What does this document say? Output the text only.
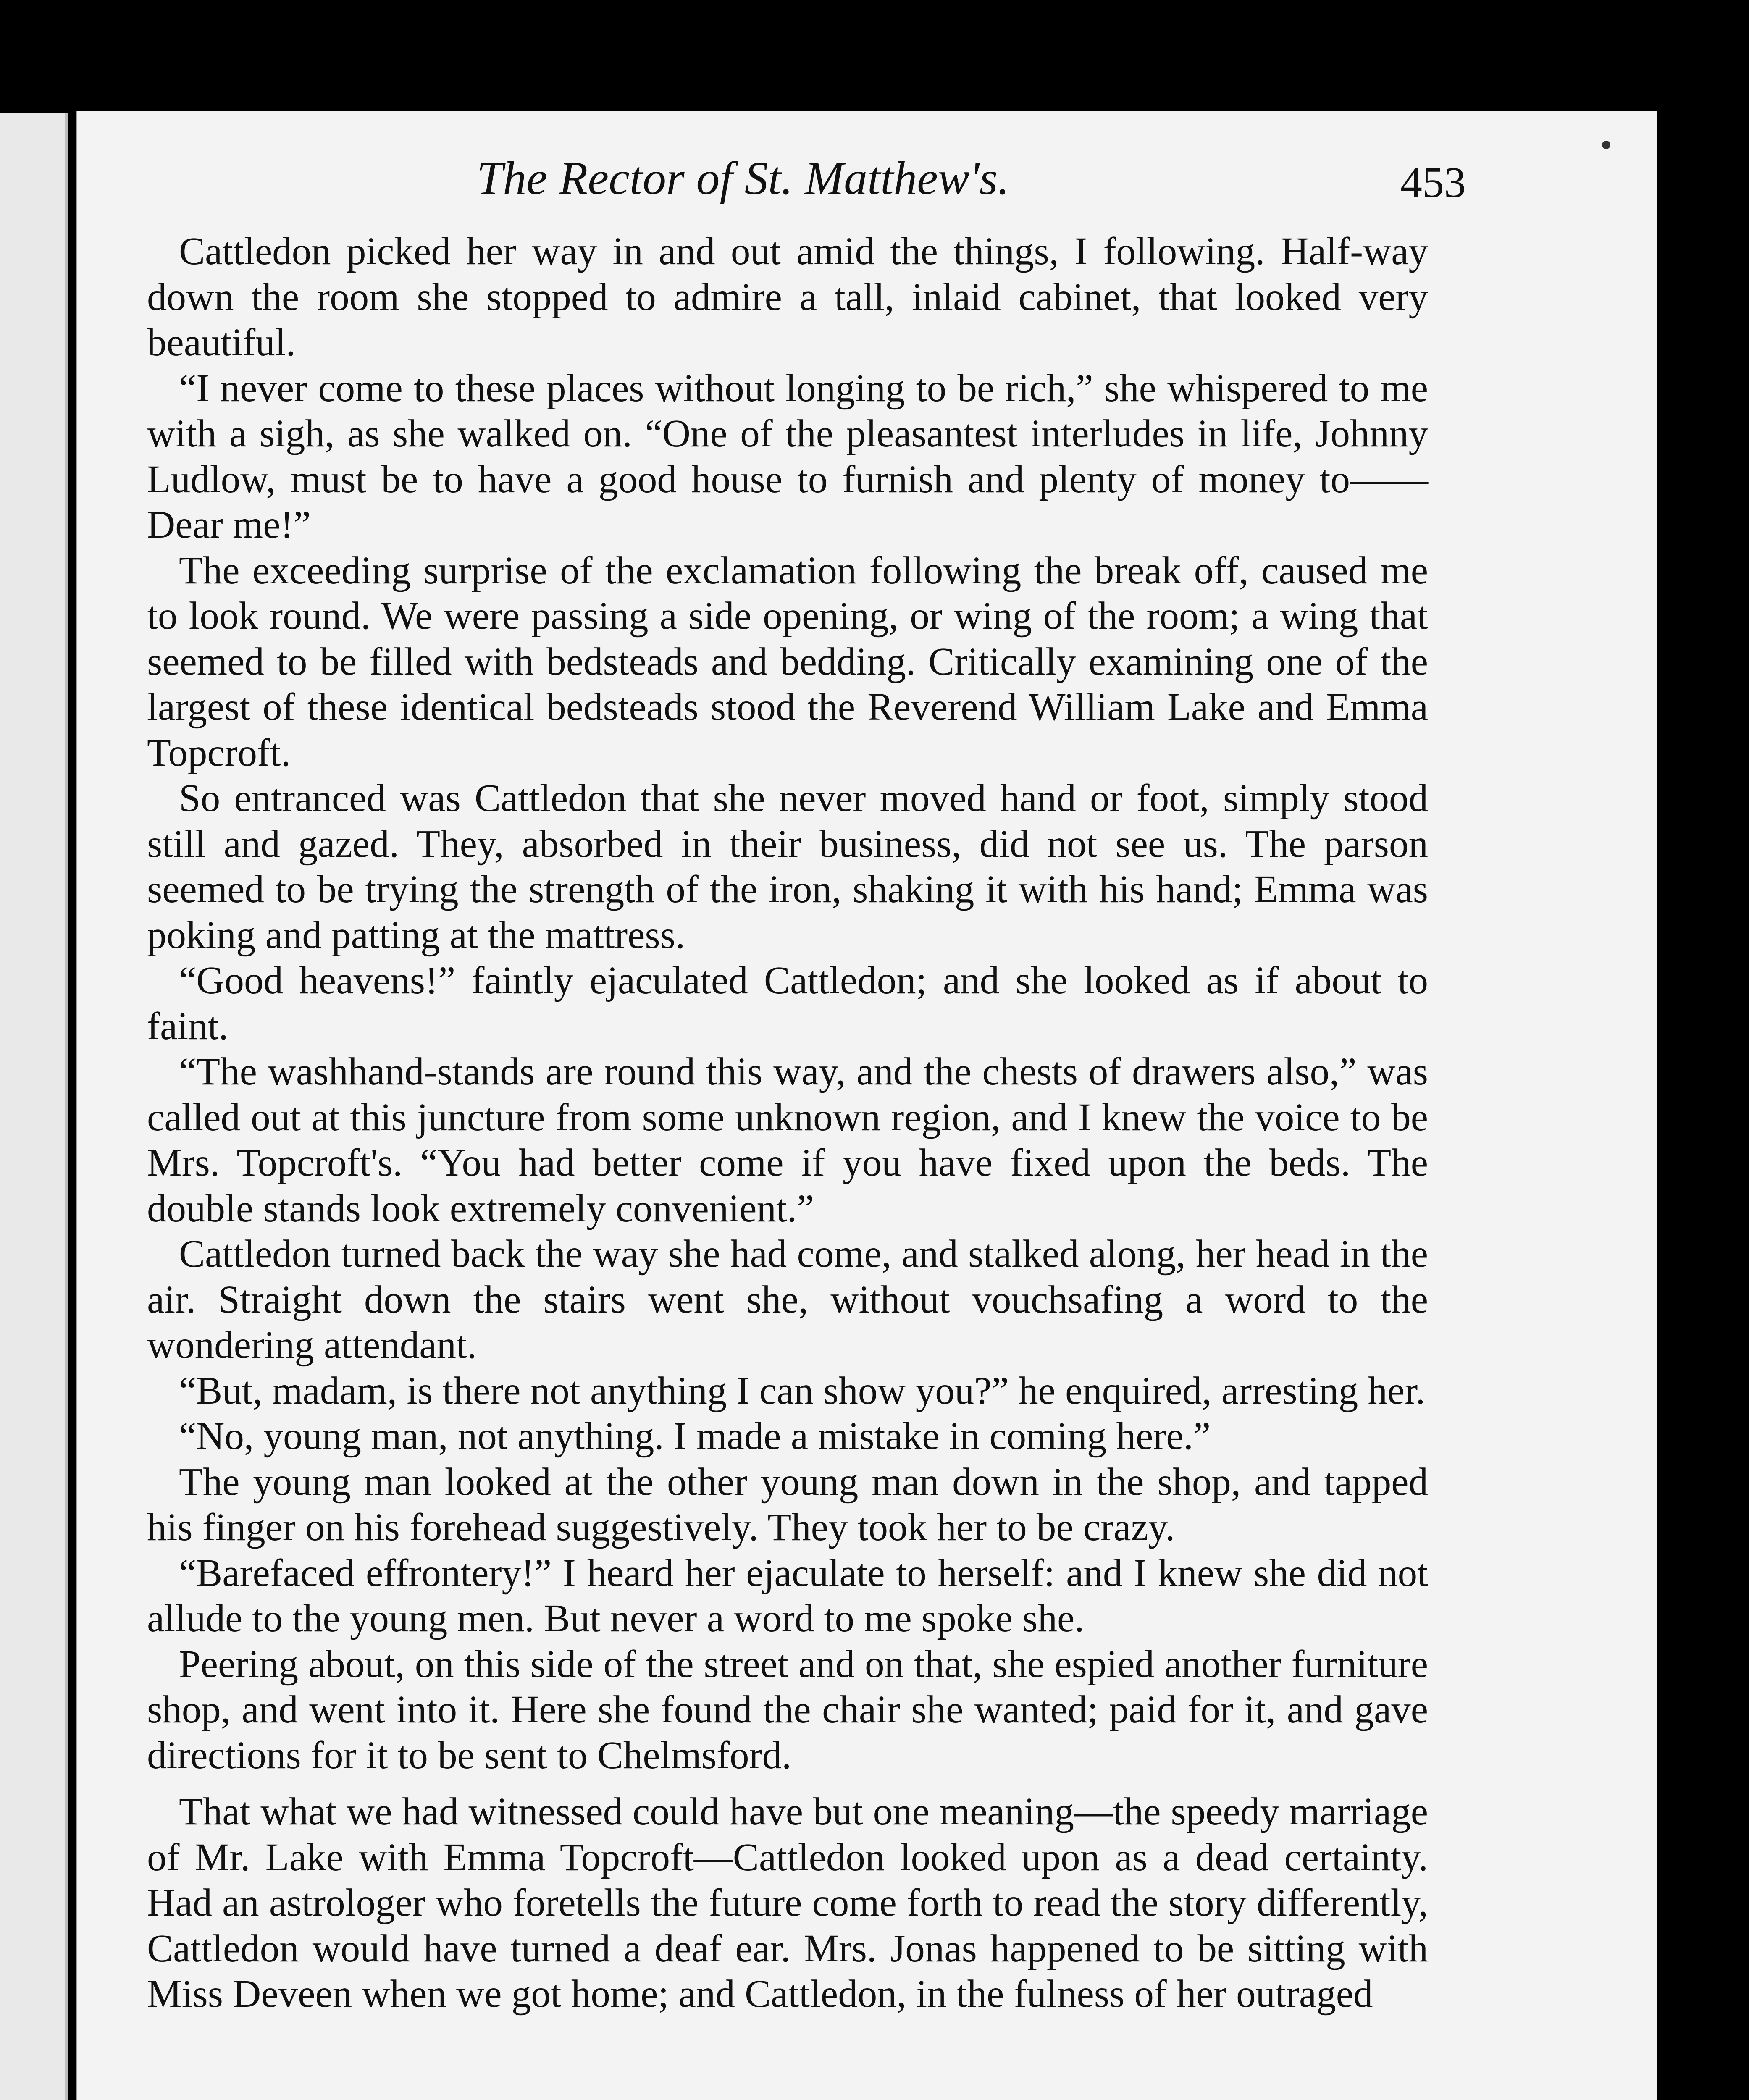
The Rector of St. Matthew's.	453

Cattledon picked her way in and out amid the things, I following. Half-way down the room she stopped to admire a tall, inlaid cabinet, that looked very beautiful.

“I never come to these places without longing to be rich,” she whispered to me with a sigh, as she walked on. “One of the pleasantest interludes in life, Johnny Ludlow, must be to have a good house to furnish and plenty of money to——Dear me!”

The exceeding surprise of the exclamation following the break off, caused me to look round. We were passing a side opening, or wing of the room; a wing that seemed to be filled with bedsteads and bedding. Critically examining one of the largest of these identical bedsteads stood the Reverend William Lake and Emma Topcroft.

So entranced was Cattledon that she never moved hand or foot, simply stood still and gazed. They, absorbed in their business, did not see us. The parson seemed to be trying the strength of the iron, shaking it with his hand; Emma was poking and patting at the mattress.

“Good heavens!” faintly ejaculated Cattledon; and she looked as if about to faint.

“The washhand-stands are round this way, and the chests of drawers also,” was called out at this juncture from some unknown region, and I knew the voice to be Mrs. Topcroft's. “You had better come if you have fixed upon the beds. The double stands look extremely convenient.”

Cattledon turned back the way she had come, and stalked along, her head in the air. Straight down the stairs went she, without vouchsafing a word to the wondering attendant.

“But, madam, is there not anything I can show you?” he enquired, arresting her.

“No, young man, not anything. I made a mistake in coming here.”

The young man looked at the other young man down in the shop, and tapped his finger on his forehead suggestively. They took her to be crazy.

“Barefaced effrontery!” I heard her ejaculate to herself: and I knew she did not allude to the young men. But never a word to me spoke she.

Peering about, on this side of the street and on that, she espied another furniture shop, and went into it. Here she found the chair she wanted; paid for it, and gave directions for it to be sent to Chelmsford.

That what we had witnessed could have but one meaning—the speedy marriage of Mr. Lake with Emma Topcroft—Cattledon looked upon as a dead certainty. Had an astrologer who foretells the future come forth to read the story differently, Cattledon would have turned a deaf ear. Mrs. Jonas happened to be sitting with Miss Deveen when we got home; and Cattledon, in the fulness of her outraged
